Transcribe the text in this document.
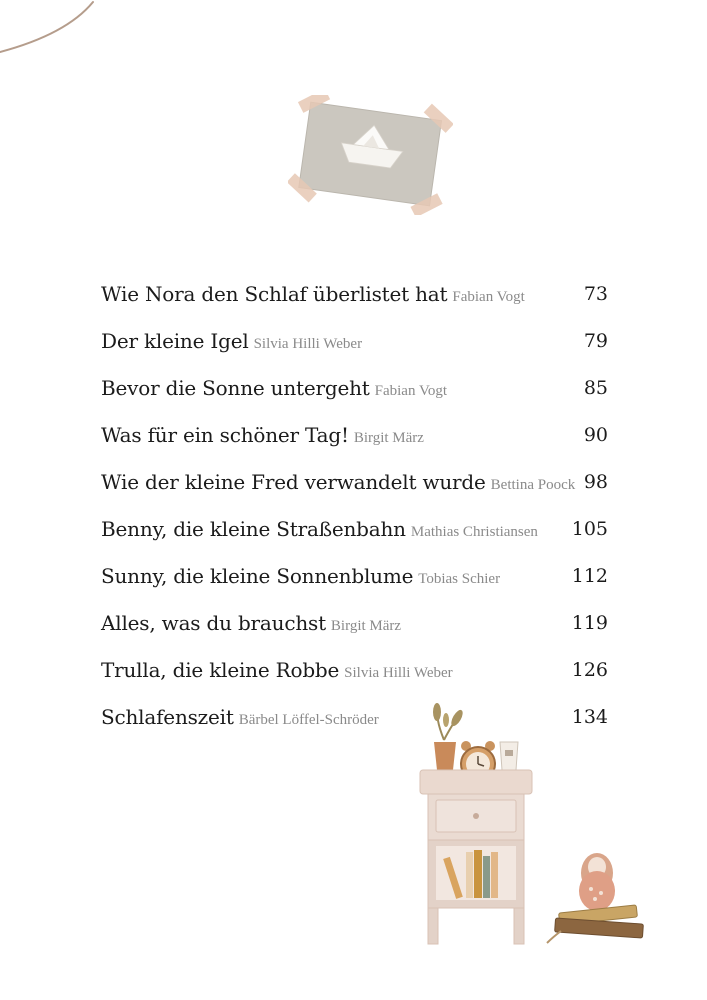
Wie Nora den Schlaf überlistet hat Fabian Vogt	73
Der kleine Igel Silvia Hilli Weber	79
Bevor die Sonne untergeht Fabian Vogt	85
Was für ein schöner Tag! Birgit März	90
Wie der kleine Fred verwandelt wurde Bettina Poock 98
Benny, die kleine Straßenbahn Mathias Christiansen 105
Sunny, die kleine Sonnenblume Tobias Schier	112
Alles, was du brauchst Birgit März	119
Trulla, die kleine Robbe Silvia Hilli Weber	126
Schlafenszeit Bärbel Löffel-Schröder	134
